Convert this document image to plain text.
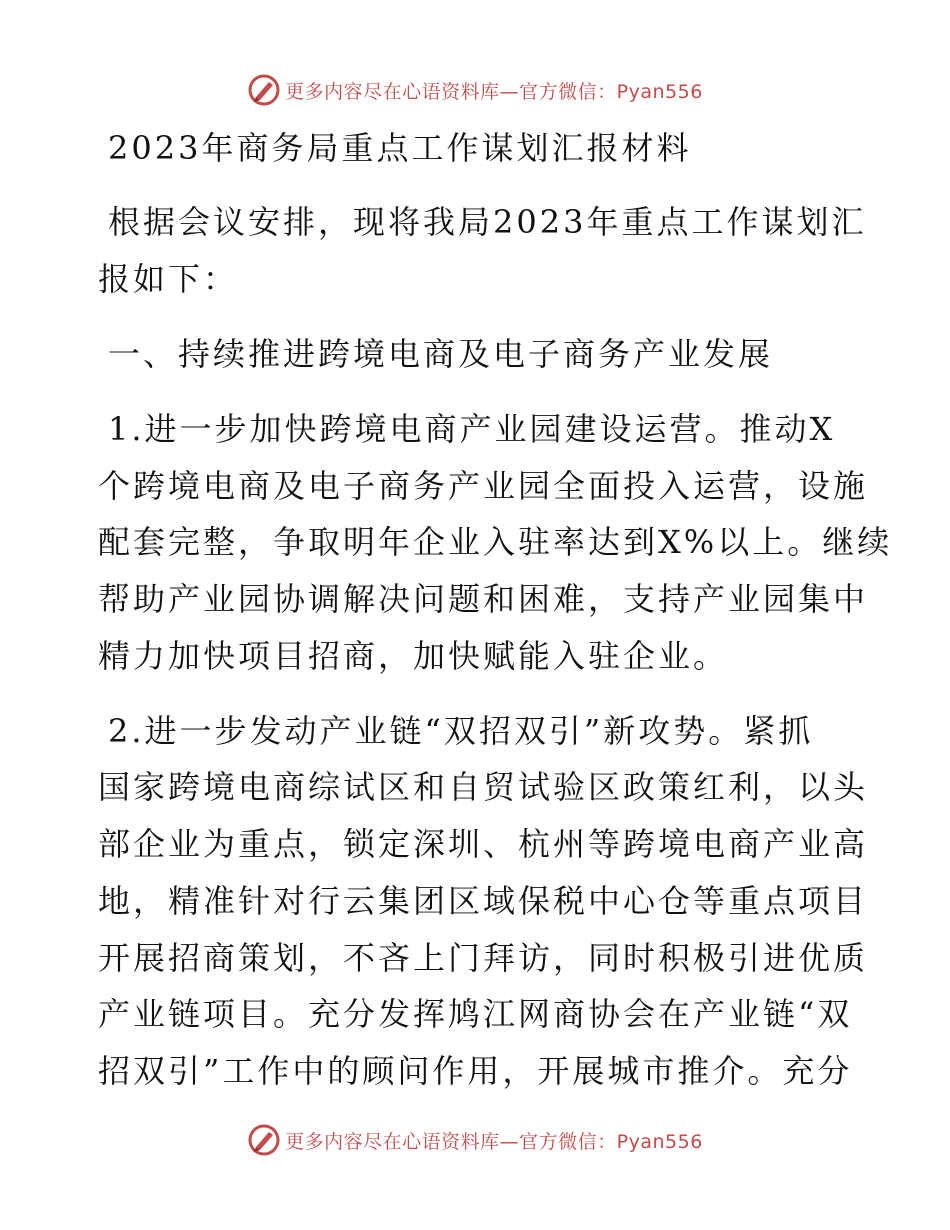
更多内容尽在心语资料库—官方微信：Pyan556
2023年商务局重点工作谋划汇报材料
根据会议安排，现将我局2023年重点工作谋划汇
报如下：
一、持续推进跨境电商及电子商务产业发展
1.进一步加快跨境电商产业园建设运营。推动X
个跨境电商及电子商务产业园全面投入运营，设施
配套完整，争取明年企业入驻率达到X%以上。继续
帮助产业园协调解决问题和困难，支持产业园集中
精力加快项目招商，加快赋能入驻企业。
2.进一步发动产业链“双招双引”新攻势。紧抓
国家跨境电商综试区和自贸试验区政策红利，以头
部企业为重点，锁定深圳、杭州等跨境电商产业高
地，精准针对行云集团区域保税中心仓等重点项目
开展招商策划，不吝上门拜访，同时积极引进优质
产业链项目。充分发挥鸠江网商协会在产业链“双
招双引”工作中的顾问作用，开展城市推介。充分
更多内容尽在心语资料库—官方微信：Pyan556
